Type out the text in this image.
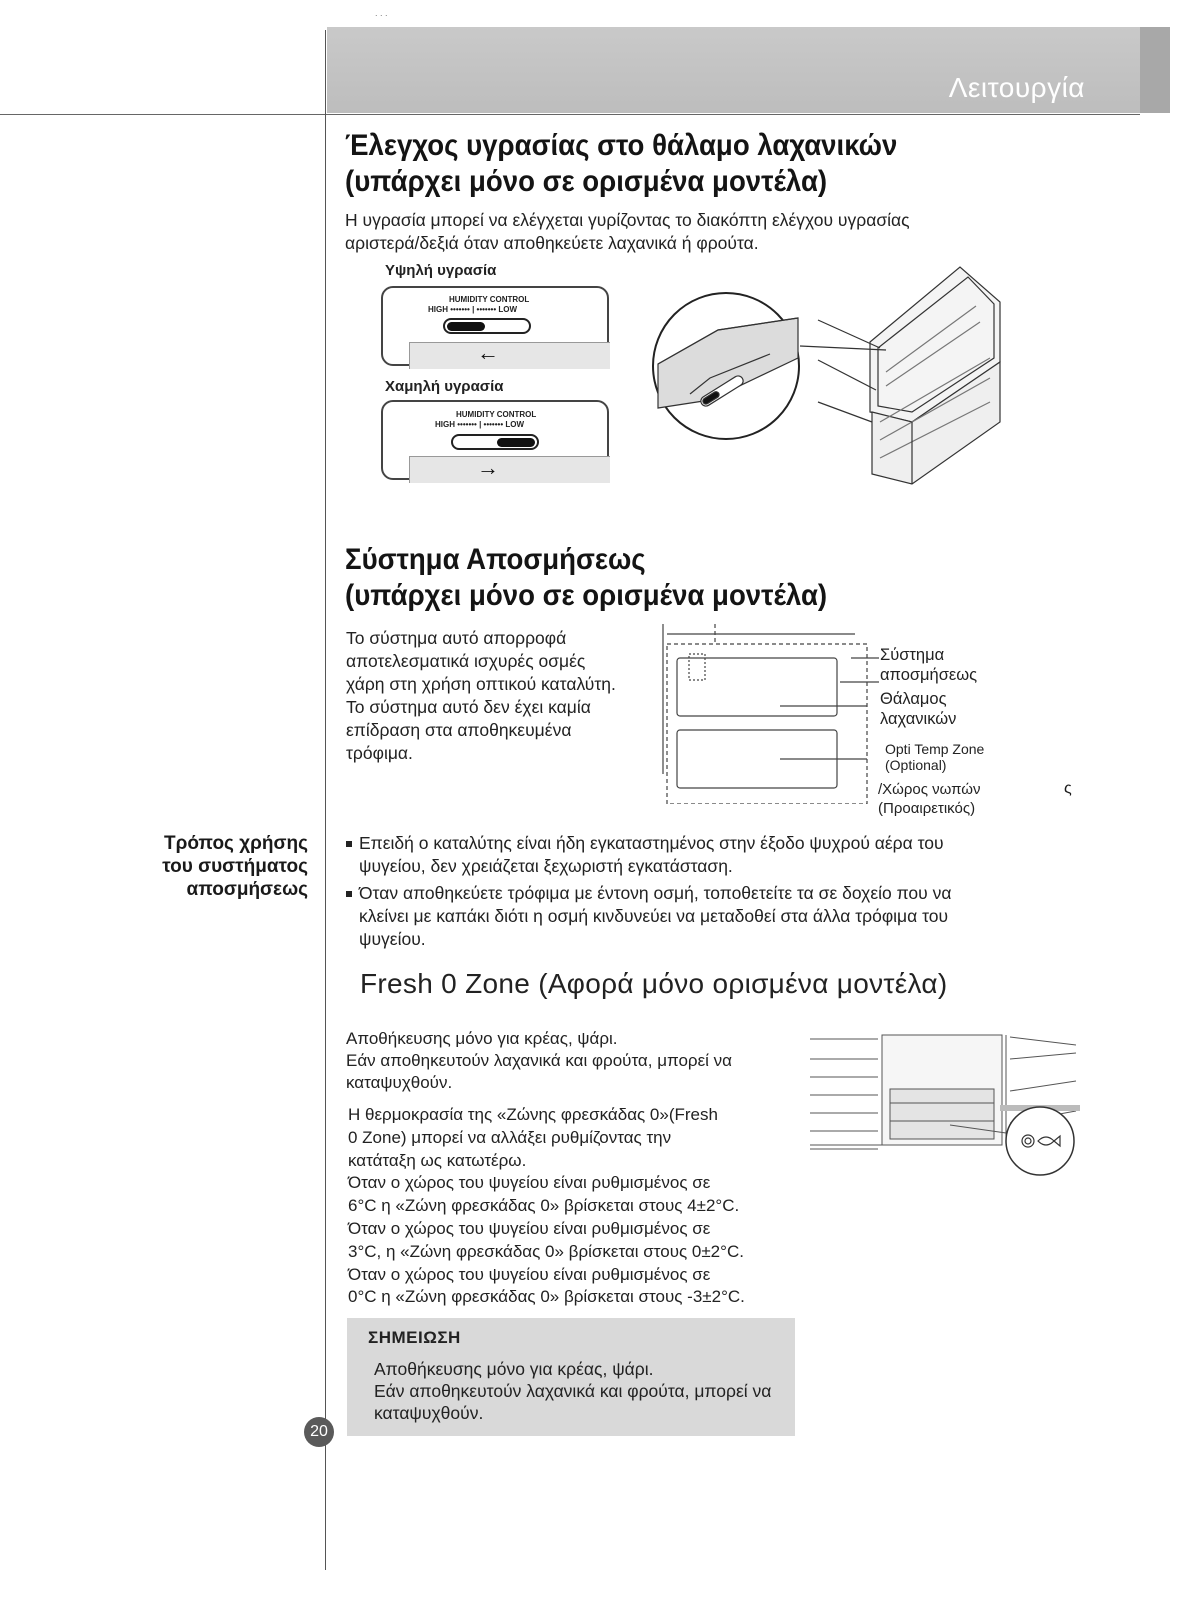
. . .
Λειτουργία
Έλεγχος υγρασίας στο θάλαμο λαχανικών
(υπάρχει μόνο σε ορισμένα μοντέλα)

Η υγρασία μπορεί να ελέγχεται γυρίζοντας το διακόπτη ελέγχου υγρασίας

αριστερά/δεξιά όταν αποθηκεύετε λαχανικά ή φρούτα.

Υψηλή υγρασία
HUMIDITY CONTROL
HIGH ••••••• | ••••••• LOW
←
Χαμηλή υγρασία
HUMIDITY CONTROL
HIGH ••••••• | ••••••• LOW
→
Σύστημα Αποσμήσεως
(υπάρχει μόνο σε ορισμένα μοντέλα)

Το σύστημα αυτό απορροφά

αποτελεσματικά ισχυρές οσμές

χάρη στη χρήση οπτικού καταλύτη.

Το σύστημα αυτό δεν έχει καμία

επίδραση στα αποθηκευμένα

τρόφιμα.

Σύστημα
αποσμήσεως
Θάλαμος
λαχανικών
Opti Temp Zone
(Optional)
/Χώρος νωπών
(Προαιρετικός)
ς
Τρόπος χρήσης
του συστήματος
αποσμήσεως
Επειδή ο καταλύτης είναι ήδη εγκαταστημένος στην έξοδο ψυχρού αέρα του
ψυγείου, δεν χρειάζεται ξεχωριστή εγκατάσταση.
Όταν αποθηκεύετε τρόφιμα με έντονη οσμή, τοποθετείτε τα σε δοχείο που να
κλείνει με καπάκι διότι η οσμή κινδυνεύει να μεταδοθεί στα άλλα τρόφιμα του
ψυγείου.
Fresh 0 Zone (Αφορά μόνο ορισμένα μοντέλα)

Αποθήκευσης μόνο για κρέας, ψάρι.

Εάν αποθηκευτούν λαχανικά και φρούτα, μπορεί να

καταψυχθούν.

Η θερμοκρασία της «Ζώνης φρεσκάδας 0»(Fresh

0 Zone) μπορεί να αλλάξει ρυθμίζοντας την

κατάταξη ως κατωτέρω.

Όταν ο χώρος του ψυγείου είναι ρυθμισμένος σε

6°C η «Ζώνη φρεσκάδας 0» βρίσκεται στους 4±2°C.

Όταν ο χώρος του ψυγείου είναι ρυθμισμένος σε

3°C, η «Ζώνη φρεσκάδας 0» βρίσκεται στους 0±2°C.

Όταν ο χώρος του ψυγείου είναι ρυθμισμένος σε

0°C η «Ζώνη φρεσκάδας 0» βρίσκεται στους -3±2°C.

ΣΗΜΕΙΩΣΗ

Αποθήκευσης μόνο για κρέας, ψάρι.

Εάν αποθηκευτούν λαχανικά και φρούτα, μπορεί να

καταψυχθούν.

20
